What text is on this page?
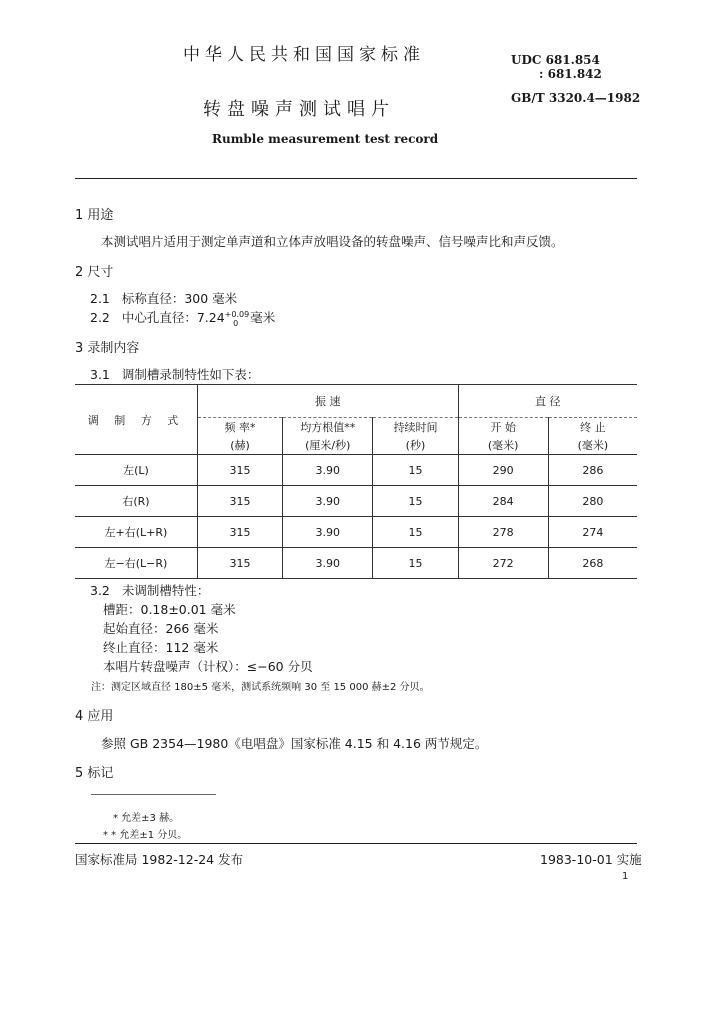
中华人民共和国国家标准
转盘噪声测试唱片
Rumble measurement test record
UDC 681.854
: 681.842
GB/T 3320.4—1982
1 用途
本测试唱片适用于测定单声道和立体声放唱设备的转盘噪声、信号噪声比和声反馈。
2 尺寸
2.1 标称直径：300 毫米
2.2 中心孔直径：$7.24^{+0.09}_0$ 毫米
3 录制内容
3.1 调制槽录制特性如下表：
调 制 方 式	振 速			直 径	
	频 率*	均方根值**	持续时间	开 始	终 止
	(赫)	(厘米/秒)	(秒)	(毫米)	(毫米)
左(L)	315	3.90	15	290	286
右(R)	315	3.90	15	284	280
左+右(L+R)	315	3.90	15	278	274
左−右(L−R)	315	3.90	15	272	268
3.2 未调制槽特性：
槽距：0.18±0.01 毫米
起始直径：266 毫米
终止直径：112 毫米
本唱片转盘噪声（计权）：≤−60 分贝
注：测定区域直径 180±5 毫米，测试系统频响 30 至 15 000 赫±2 分贝。
4 应用
参照 GB 2354—1980《电唱盘》国家标准 4.15 和 4.16 两节规定。
5 标记
* 允差±3 赫。
* * 允差±1 分贝。
国家标准局 1982-12-24 发布	1983-10-01 实施
1
